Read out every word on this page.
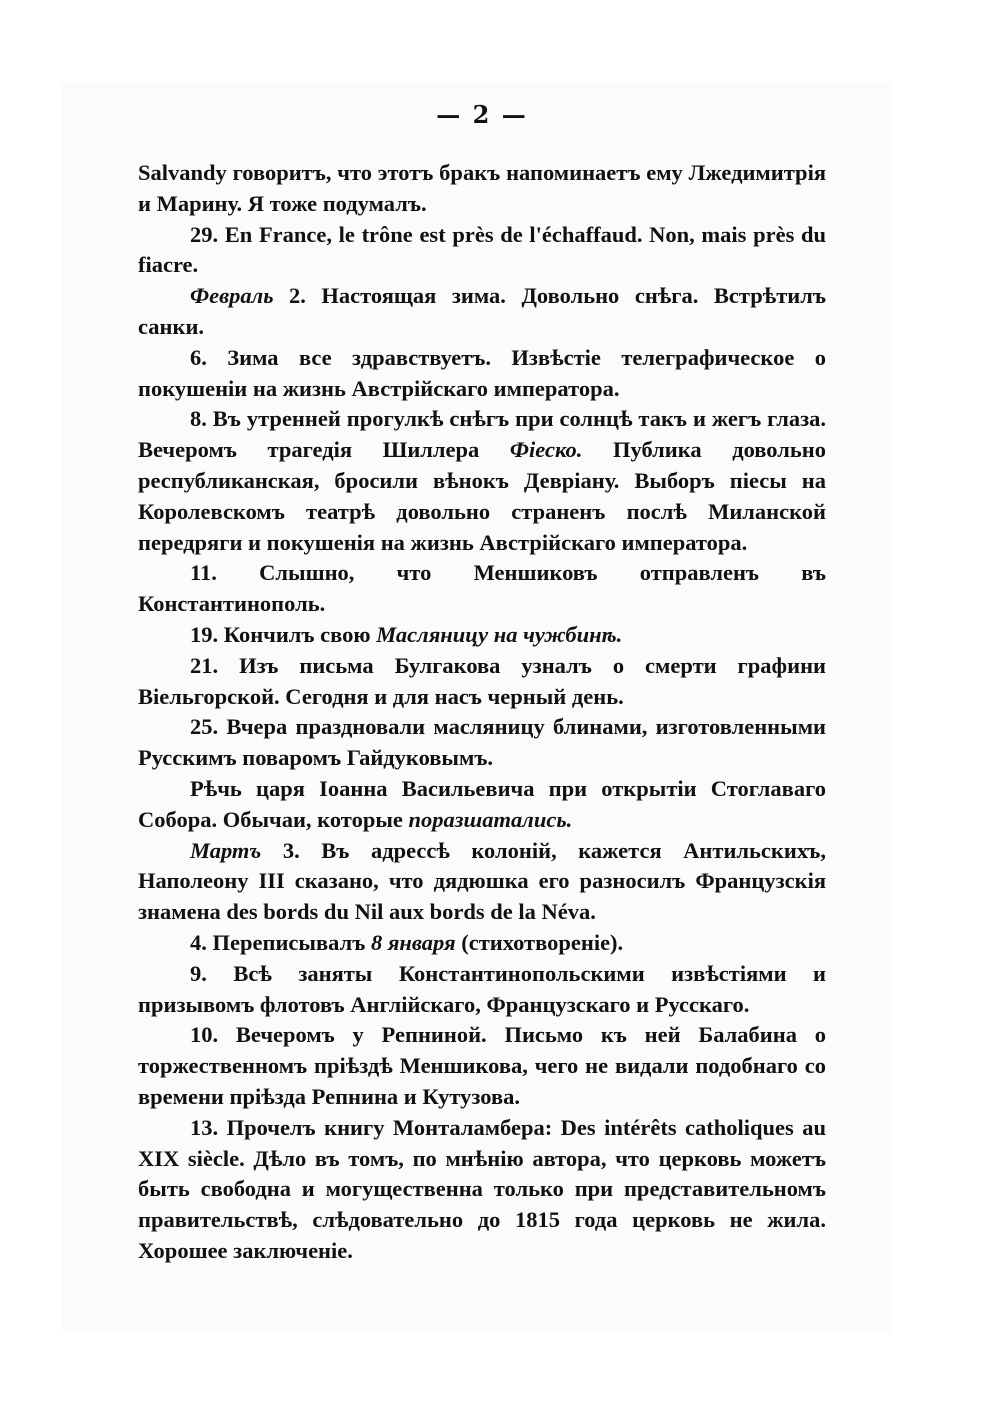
— 2 —

Salvandy говоритъ, что этотъ бракъ напоминаетъ ему Лжедимитрія и Марину. Я тоже подумалъ.

29. En France, le trône est près de l'échaffaud. Non, mais près du fiacre.

Февраль 2. Настоящая зима. Довольно снѣга. Встрѣтилъ санки.

6. Зима все здравствуетъ. Извѣстіе телеграфическое о покушеніи на жизнь Австрійскаго императора.

8. Въ утренней прогулкѣ снѣгъ при солнцѣ такъ и жегъ глаза. Вечеромъ трагедія Шиллера Фіеско. Публика довольно республиканская, бросили вѣнокъ Девріану. Выборъ піесы на Королевскомъ театрѣ довольно страненъ послѣ Миланской передряги и покушенія на жизнь Австрійскаго императора.

11. Слышно, что Меншиковъ отправленъ въ Константинополь.

19. Кончилъ свою Масляницу на чужбинѣ.

21. Изъ письма Булгакова узналъ о смерти графини Віельгорской. Сегодня и для насъ черный день.

25. Вчера праздновали масляницу блинами, изготовленными Русскимъ поваромъ Гайдуковымъ.

Рѣчь царя Іоанна Васильевича при открытіи Стоглаваго Собора. Обычаи, которые поразшатались.

Мартъ 3. Въ адрессѣ колоній, кажется Антильскихъ, Наполеону III сказано, что дядюшка его разносилъ Французскія знамена des bords du Nil aux bords de la Néva.

4. Переписывалъ 8 января (стихотвореніе).

9. Всѣ заняты Константинопольскими извѣстіями и призывомъ флотовъ Англійскаго, Французскаго и Русскаго.

10. Вечеромъ у Репниной. Письмо къ ней Балабина о торжественномъ пріѣздѣ Меншикова, чего не видали подобнаго со времени пріѣзда Репнина и Кутузова.

13. Прочелъ книгу Монталамбера: Des intérêts catholiques au XIX siècle. Дѣло въ томъ, по мнѣнію автора, что церковь можетъ быть свободна и могущественна только при представительномъ правительствѣ, слѣдовательно до 1815 года церковь не жила. Хорошее заключеніе.
